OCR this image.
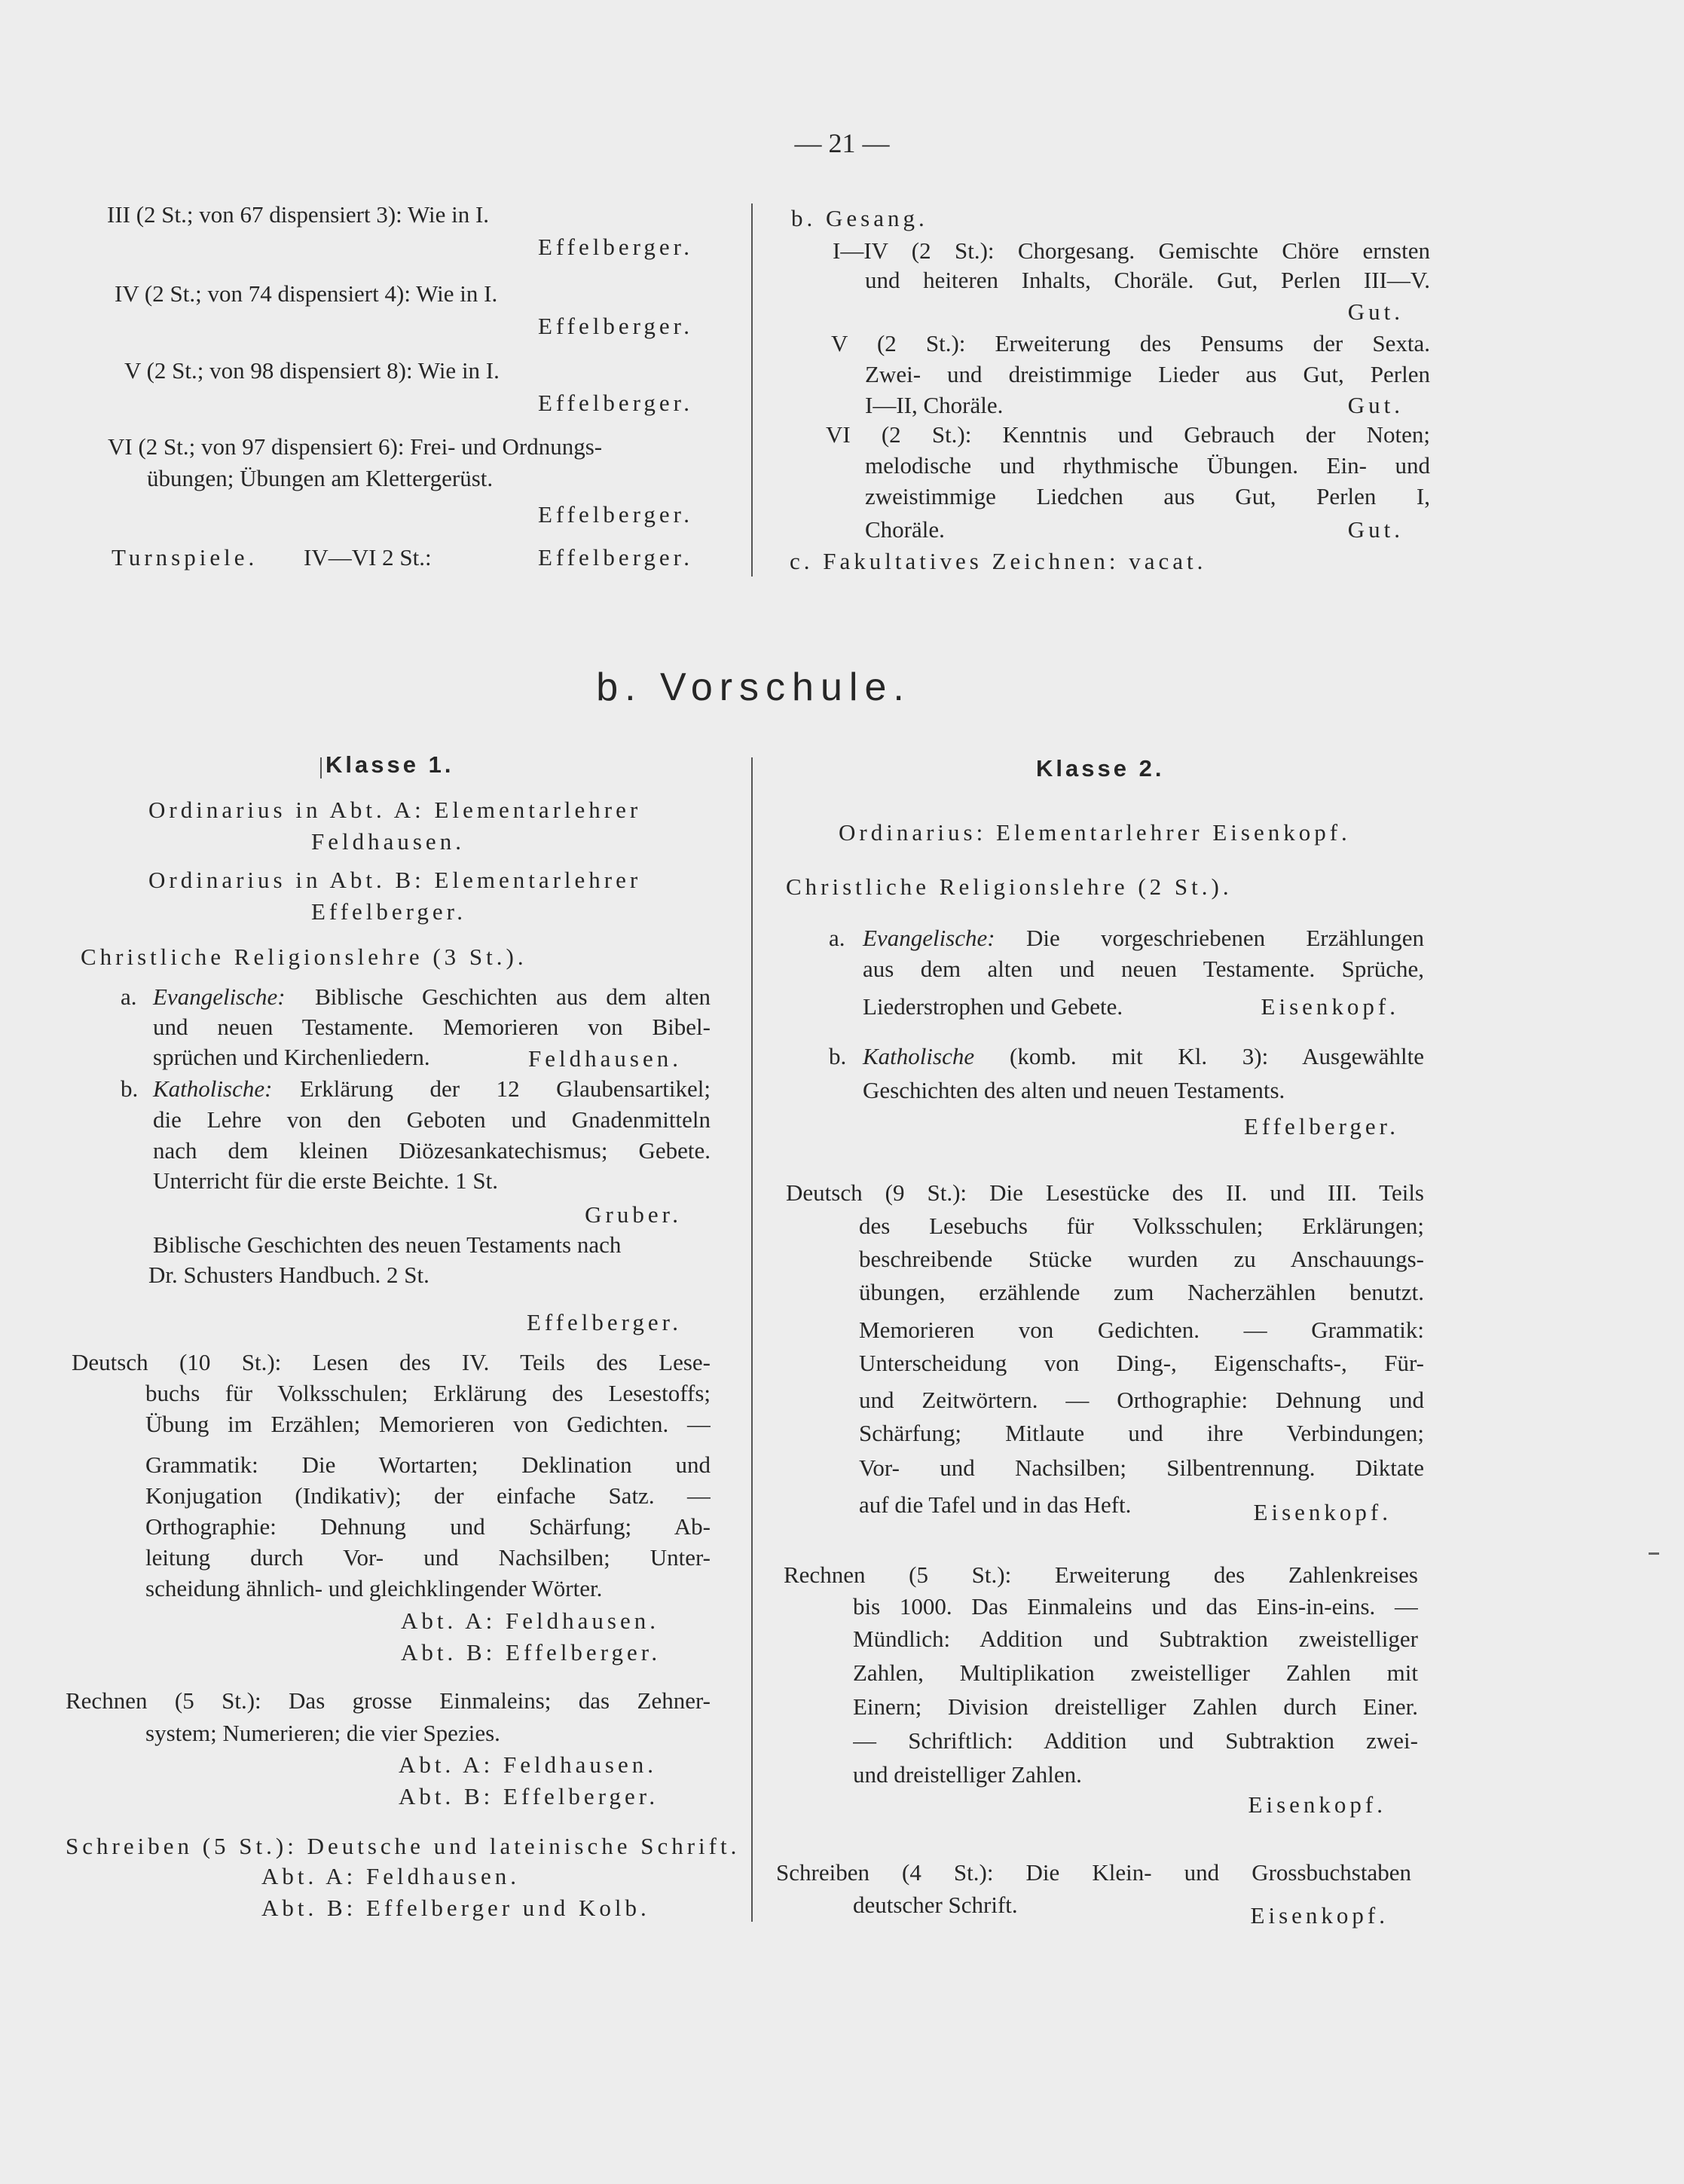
— 21 —
III (2 St.; von 67 dispensiert 3): Wie in I.
Effelberger.
IV (2 St.; von 74 dispensiert 4): Wie in I.
Effelberger.
V (2 St.; von 98 dispensiert 8): Wie in I.
Effelberger.
VI (2 St.; von 97 dispensiert 6): Frei- und Ordnungs-
übungen; Übungen am Klettergerüst.
Effelberger.
Turnspiele. IV—VI 2 St.:	Effelberger.
b. Gesang.
I—IV (2 St.): Chorgesang. Gemischte Chöre ernsten
und heiteren Inhalts, Choräle. Gut, Perlen III—V.
Gut.
V (2 St.): Erweiterung des Pensums der Sexta.
Zwei- und dreistimmige Lieder aus Gut, Perlen
I—II, Choräle.	Gut.
VI (2 St.): Kenntnis und Gebrauch der Noten;
melodische und rhythmische Übungen. Ein- und
zweistimmige Liedchen aus Gut, Perlen I,
Choräle.	Gut.
c. Fakultatives Zeichnen: vacat.
b. Vorschule.
Klasse 1.
Ordinarius in Abt. A: Elementarlehrer
Feldhausen.
Ordinarius in Abt. B: Elementarlehrer
Effelberger.
Christliche Religionslehre (3 St.).
a. Evangelische: Biblische Geschichten aus dem alten
und neuen Testamente. Memorieren von Bibel-
sprüchen und Kirchenliedern.	Feldhausen.
b. Katholische: Erklärung der 12 Glaubensartikel;
die Lehre von den Geboten und Gnadenmitteln
nach dem kleinen Diözesankatechismus; Gebete.
Unterricht für die erste Beichte. 1 St.
Gruber.
Biblische Geschichten des neuen Testaments nach
Dr. Schusters Handbuch. 2 St.
Effelberger.
Deutsch (10 St.): Lesen des IV. Teils des Lese-
buchs für Volksschulen; Erklärung des Lesestoffs;
Übung im Erzählen; Memorieren von Gedichten. —
Grammatik: Die Wortarten; Deklination und
Konjugation (Indikativ); der einfache Satz. —
Orthographie: Dehnung und Schärfung; Ab-
leitung durch Vor- und Nachsilben; Unter-
scheidung ähnlich- und gleichklingender Wörter.
Abt. A: Feldhausen.
Abt. B: Effelberger.
Rechnen (5 St.): Das grosse Einmaleins; das Zehner-
system; Numerieren; die vier Spezies.
Abt. A: Feldhausen.
Abt. B: Effelberger.
Schreiben (5 St.): Deutsche und lateinische Schrift.
Abt. A: Feldhausen.
Abt. B: Effelberger und Kolb.
Klasse 2.
Ordinarius: Elementarlehrer Eisenkopf.
Christliche Religionslehre (2 St.).
a. Evangelische: Die vorgeschriebenen Erzählungen
aus dem alten und neuen Testamente. Sprüche,
Liederstrophen und Gebete.	Eisenkopf.
b. Katholische (komb. mit Kl. 3): Ausgewählte
Geschichten des alten und neuen Testaments.
Effelberger.
Deutsch (9 St.): Die Lesestücke des II. und III. Teils
des Lesebuchs für Volksschulen; Erklärungen;
beschreibende Stücke wurden zu Anschauungs-
übungen, erzählende zum Nacherzählen benutzt.
Memorieren von Gedichten. — Grammatik:
Unterscheidung von Ding-, Eigenschafts-, Für-
und Zeitwörtern. — Orthographie: Dehnung und
Schärfung; Mitlaute und ihre Verbindungen;
Vor- und Nachsilben; Silbentrennung. Diktate
auf die Tafel und in das Heft.	Eisenkopf.
Rechnen (5 St.): Erweiterung des Zahlenkreises
bis 1000. Das Einmaleins und das Eins-in-eins. —
Mündlich: Addition und Subtraktion zweistelliger
Zahlen, Multiplikation zweistelliger Zahlen mit
Einern; Division dreistelliger Zahlen durch Einer.
— Schriftlich: Addition und Subtraktion zwei-
und dreistelliger Zahlen.
Eisenkopf.
Schreiben (4 St.): Die Klein- und Grossbuchstaben
deutscher Schrift.	Eisenkopf.
